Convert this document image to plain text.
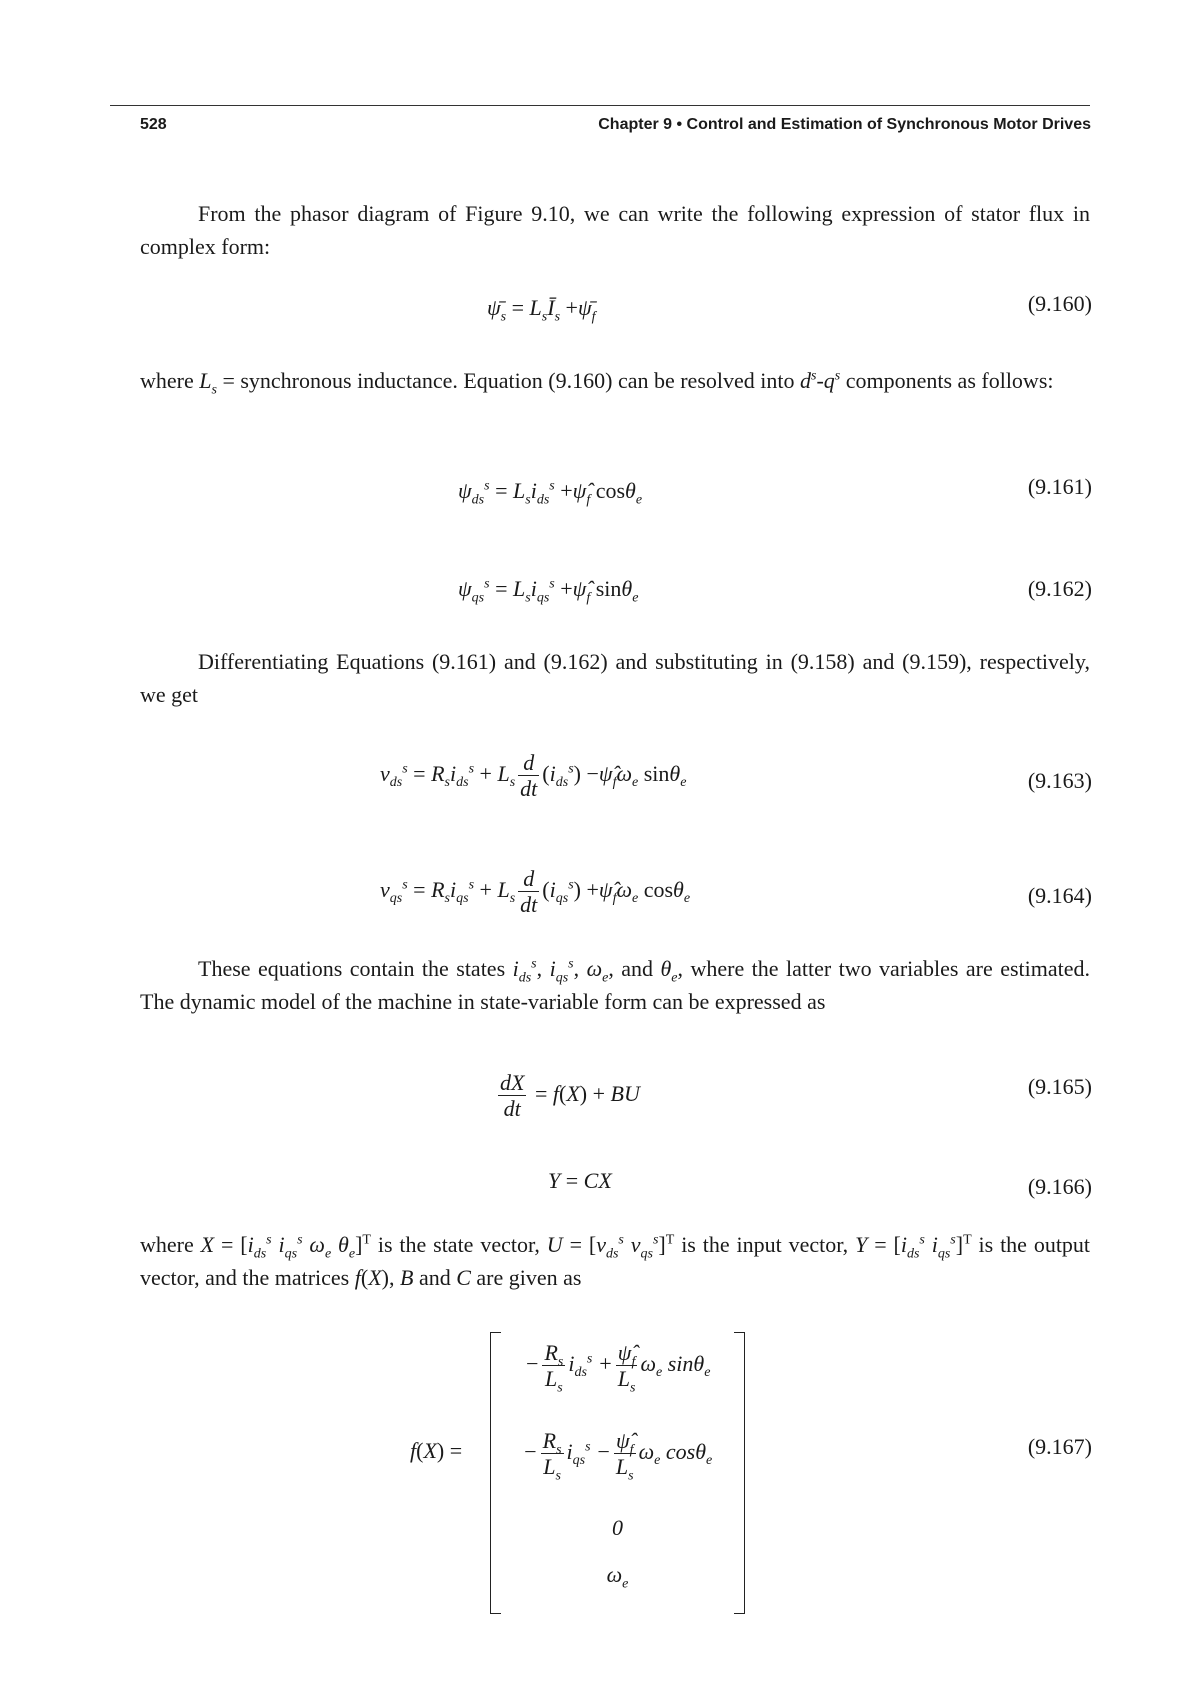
528	Chapter 9 • Control and Estimation of Synchronous Motor Drives
From the phasor diagram of Figure 9.10, we can write the following expression of stator flux in complex form:
$\psī_s$ = $L_sĪ_s$ $+\psī_f$
(9.160)
where $L_s$ = synchronous inductance. Equation (9.160) can be resolved into $d^s-q^s$ components as follows:
$\psi_{ds}^s = L_si_{ds}^s$ $+\psî_f$ cosθ$_e$
(9.161)
$\psi_{qs}^s = L_si_{qs}^s$ $+\psî_f$ sinθ$_e$	(9.162)
Differentiating Equations (9.161) and (9.162) and substituting in (9.158) and (9.159), respectively, we get
$v_{ds}^s = R_si_{ds}^s + L_s \frac{d}{dt} (i_{ds}^s)$ $-\psî_f\omega_e$ sinθ$_e$	(9.163)
$v_{qs}^s = R_si_{qs}^s + L_s \frac{d}{dt} (i_{qs}^s)$ $+\psî_f\omega_e$ cosθ$_e$	(9.164)
These equations contain the states $i_{ds}^s$, $i_{qs}^s$, $\omega_e$, and $\theta_e$, where the latter two variables are estimated. The dynamic model of the machine in state-variable form can be expressed as
$\frac{dX}{dt} = f(X)$ + BU	(9.165)
Y = CX	(9.166)
where $X = [i_{ds}^s$ $i_{qs}^s$ $\omega_e$ $\theta_e]^T$ is the state vector, $U = [v_{ds}^s$ $v_{qs}^s]^T$ is the input vector, $Y = [i_{ds}^s$ $i_{qs}^s]^T$ is the output vector, and the matrices f(X), B and C are given as
f(X) =
− $\frac{R_s}{L_s} i_{ds}^s + \frac{\psî_f}{L_s} \omega_e$ sinθ$_e$
− $\frac{R_s}{L_s} i_{qs}^s - \frac{\psî_f}{L_s} \omega_e$ cosθ$_e$
0
$\omega_e$
(9.167)
